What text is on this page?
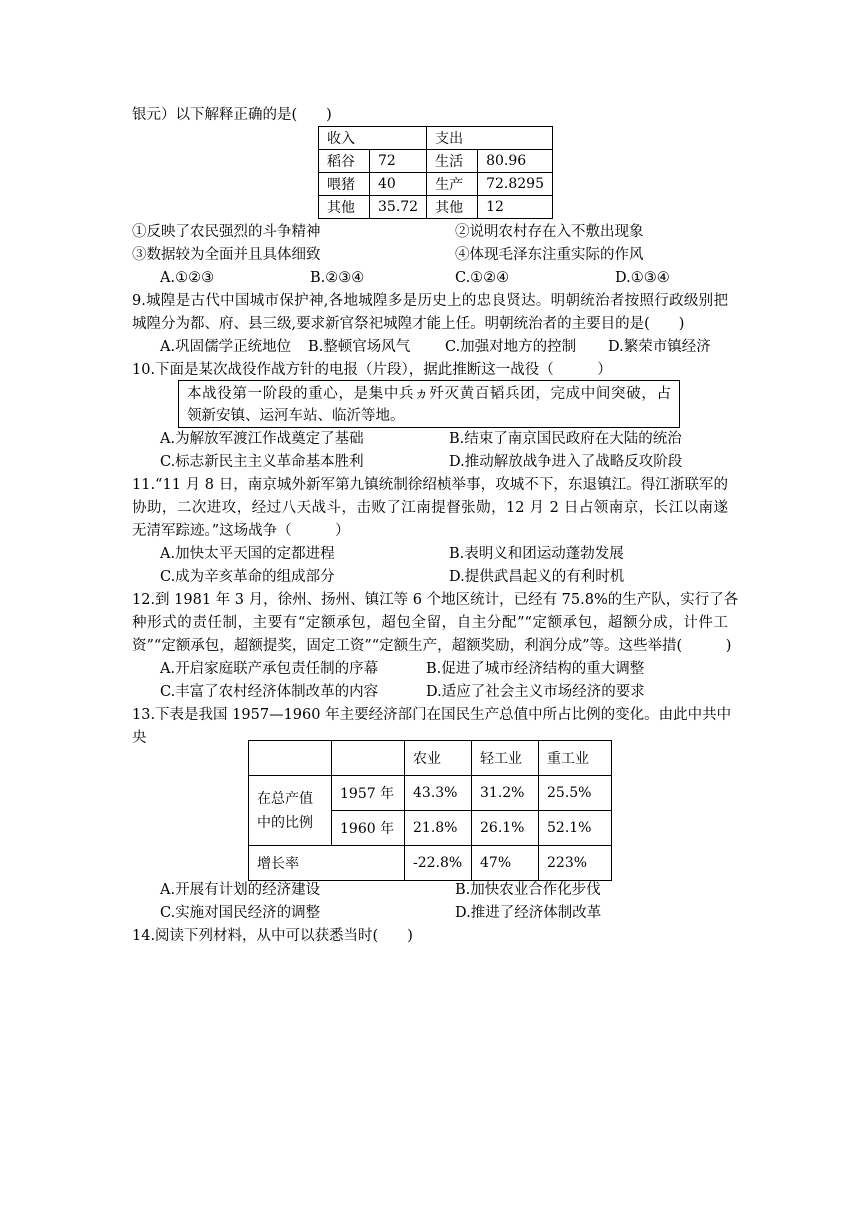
银元）以下解释正确的是(　　)
收入		支出	
稻谷	72	生活	80.96
喂猪	40	生产	72.8295
其他	35.72	其他	12
①反映了农民强烈的斗争精神	②说明农村存在入不敷出现象
③数据较为全面并且具体细致	④体现毛泽东注重实际的作风
A.①②③	B.②③④	C.①②④	D.①③④
9.城隍是古代中国城市保护神,各地城隍多是历史上的忠良贤达。明朝统治者按照行政级别把
城隍分为都、府、县三级,要求新官祭祀城隍才能上任。明朝统治者的主要目的是(　　)
A.巩固儒学正统地位 B.整顿官场风气 C.加强对地方的控制 D.繁荣市镇经济
10.下面是某次战役作战方针的电报（片段），据此推断这一战役（　　　）
本战役第一阶段的重心，是集中兵ヵ歼灭黄百韬兵团，完成中间突破，占
领新安镇、运河车站、临沂等地。
A.为解放军渡江作战奠定了基础	B.结束了南京国民政府在大陆的统治
C.标志新民主主义革命基本胜利	D.推动解放战争进入了战略反攻阶段
11.“11 月 8 日，南京城外新军第九镇统制徐绍桢举事，攻城不下，东退镇江。得江浙联军的
协助，二次进攻，经过八天战斗，击败了江南提督张勋，12 月 2 日占领南京，长江以南遂
无清军踪迹。”这场战争（　　　）
A.加快太平天国的定都进程	B.表明义和团运动蓬勃发展
C.成为辛亥革命的组成部分	D.提供武昌起义的有利时机
12.到 1981 年 3 月，徐州、扬州、镇江等 6 个地区统计，已经有 75.8%的生产队，实行了各
种形式的责任制，主要有“定额承包，超包全留，自主分配”“定额承包，超额分成，计件工
资”“定额承包，超额提奖，固定工资”“定额生产，超额奖励，利润分成”等。这些举措(　　　)
A.开启家庭联产承包责任制的序幕	B.促进了城市经济结构的重大调整
C.丰富了农村经济体制改革的内容	D.适应了社会主义市场经济的要求
13.下表是我国 1957—1960 年主要经济部门在国民生产总值中所占比例的变化。由此中共中
央
		农业	轻工业	重工业
在总产值中的比例	1957 年	43.3%	31.2%	25.5%
	1960 年	21.8%	26.1%	52.1%
增长率		-22.8%	47%	223%
A.开展有计划的经济建设	B.加快农业合作化步伐
C.实施对国民经济的调整	D.推进了经济体制改革
14.阅读下列材料，从中可以获悉当时(　　)
